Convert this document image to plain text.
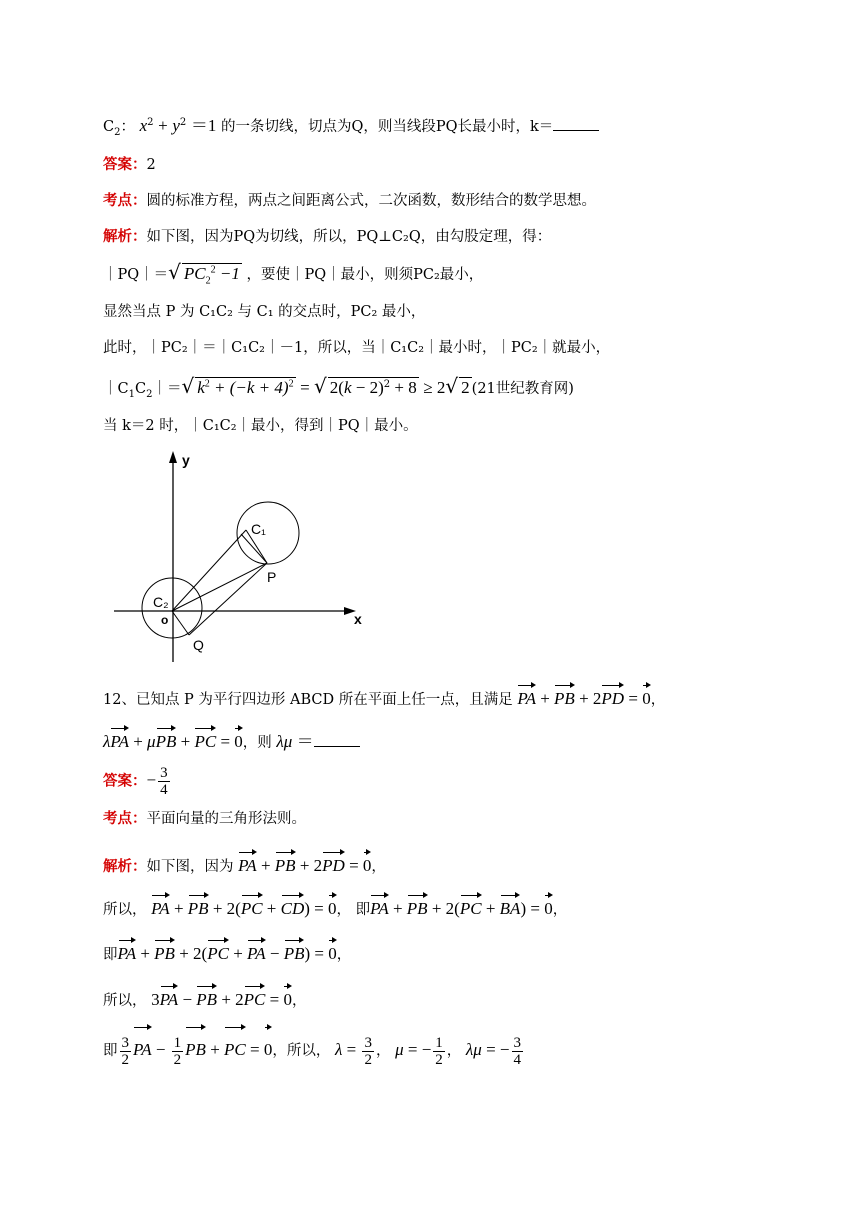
$C_2$： $x^2 + y^2 =1$ 的一条切线，切点为Q，则当线段PQ长最小时，k＝
答案：2
考点：圆的标准方程，两点之间距离公式，二次函数，数形结合的数学思想。
解析：如下图，因为PQ为切线，所以，PQ⊥C₂Q，由勾股定理，得：
｜PQ｜＝√ $PC_2^2 -1$ ，要使｜PQ｜最小，则须PC₂最小，
显然当点 P 为 C₁C₂ 与 C₁ 的交点时，PC₂ 最小，
此时，｜PC₂｜＝｜C₁C₂｜－1，所以，当｜C₁C₂｜最小时，｜PC₂｜就最小，
$|C_1C_2|=√$ $k^2 + (-k + 4)^2$ = √ $2(k - 2)^2 + 8 \ge 2√$ 2 (21世纪教育网)
当 k＝2 时，｜C₁C₂｜最小，得到｜PQ｜最小。
y
x
o
C₂
C₁
P
Q
12、已知点 P 为平行四边形 ABCD 所在平面上任一点，且满足 PA + PB + 2PD = 0，
λPA + μPB + PC = 0，则 λμ ＝
答案：− $\frac{3}{4}$
考点：平面向量的三角形法则。
解析：如下图，因为 PA + PB + 2PD = 0，
所以， PA + PB + 2(PC + CD) = 0， 即PA + PB + 2(PC + BA) = 0，
即PA + PB + 2(PC + PA − PB) = 0，
所以， 3PA − PB + 2PC = 0，
即 $\frac{3}{2}$ PA − $\frac{1}{2}$ PB + PC = 0，所以， $\lambda = \frac{3}{2}$ ， μ = − $\frac{1}{2}$ ， λμ = − $\frac{3}{4}$
